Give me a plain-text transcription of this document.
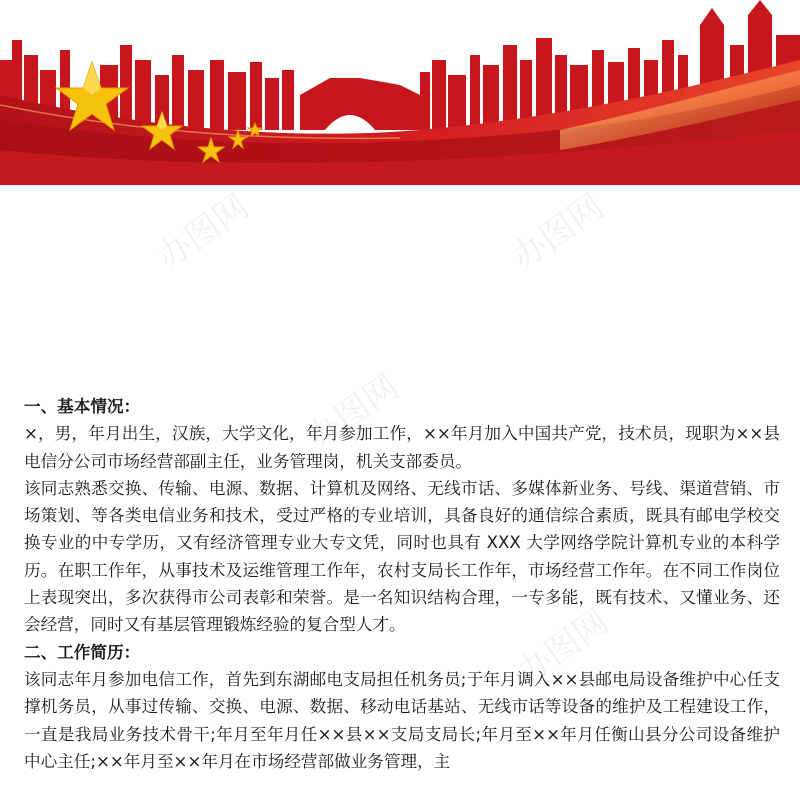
办图网	办图网
办图网
办图网

一、基本情况：

×，男，年月出生，汉族，大学文化，年月参加工作，××年月加入中国共产党，技术员，现职为××县电信分公司市场经营部副主任，业务管理岗，机关支部委员。

该同志熟悉交换、传输、电源、数据、计算机及网络、无线市话、多媒体新业务、号线、渠道营销、市场策划、等各类电信业务和技术，受过严格的专业培训，具备良好的通信综合素质，既具有邮电学校交换专业的中专学历，又有经济管理专业大专文凭，同时也具有 XXX 大学网络学院计算机专业的本科学历。在职工作年，从事技术及运维管理工作年，农村支局长工作年，市场经营工作年。在不同工作岗位上表现突出，多次获得市公司表彰和荣誉。是一名知识结构合理，一专多能，既有技术、又懂业务、还会经营，同时又有基层管理锻炼经验的复合型人才。

二、工作简历：

该同志年月参加电信工作，首先到东湖邮电支局担任机务员;于年月调入××县邮电局设备维护中心任支撑机务员，从事过传输、交换、电源、数据、移动电话基站、无线市话等设备的维护及工程建设工作，一直是我局业务技术骨干;年月至年月任××县××支局支局长;年月至××年月任衡山县分公司设备维护中心主任;××年月至××年月在市场经营部做业务管理，主
